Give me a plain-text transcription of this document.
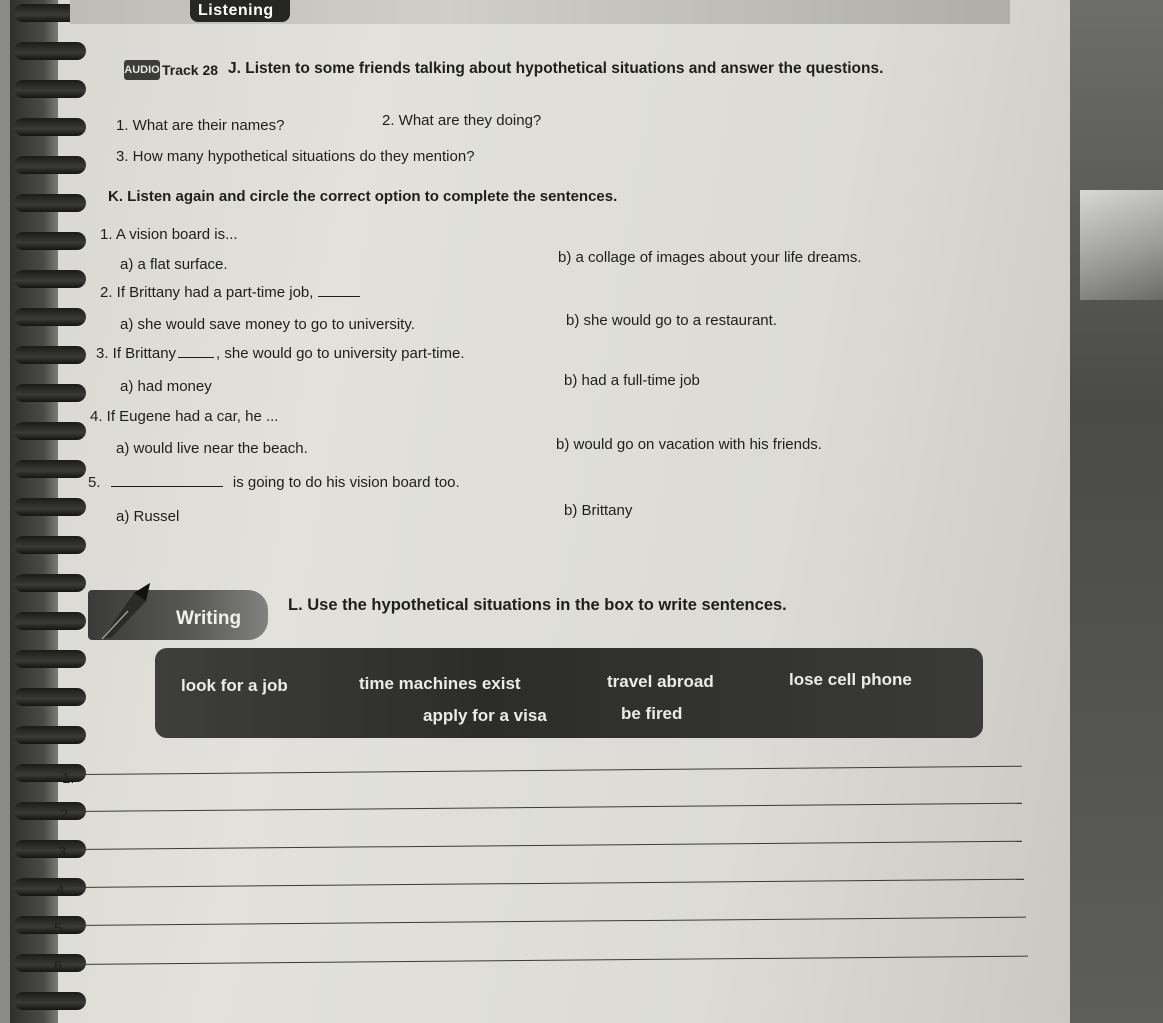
Listening
AUDIO Track 28 J. Listen to some friends talking about hypothetical situations and answer the questions.
1. What are their names?	2. What are they doing?
3. How many hypothetical situations do they mention?
K. Listen again and circle the correct option to complete the sentences.
1. A vision board is...
a) a flat surface.	b) a collage of images about your life dreams.
2. If Brittany had a part-time job,
a) she would save money to go to university.	b) she would go to a restaurant.
3. If Brittany	, she would go to university part-time.
a) had money	b) had a full-time job
4. If Eugene had a car, he ...
a) would live near the beach.	b) would go on vacation with his friends.
5.	is going to do his vision board too.
a) Russel	b) Brittany
Writing
L. Use the hypothetical situations in the box to write sentences.
look for a job	time machines exist	travel abroad	lose cell phone
apply for a visa	be fired
1.
2.
3.
4.
5.
6.
